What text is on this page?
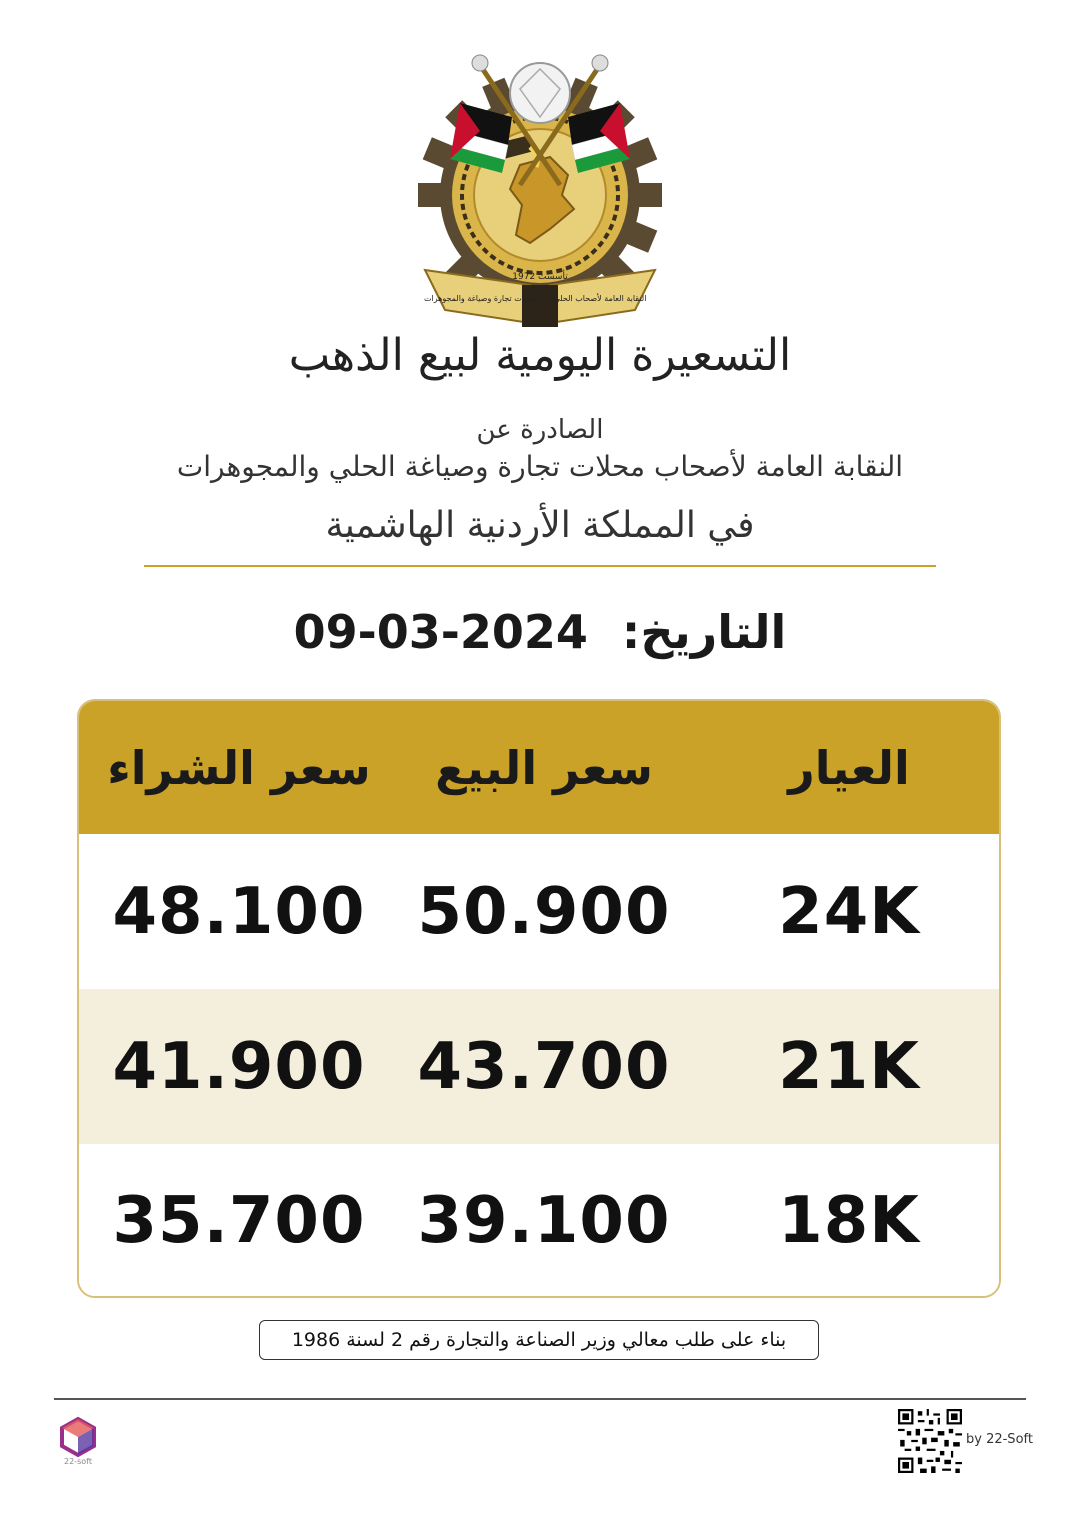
محلات تجارة وصياغة والمجوهرات النقابة العامة لأصحاب الحلي
تأسست 1972
التسعيرة اليومية لبيع الذهب
الصادرة عن
النقابة العامة لأصحاب محلات تجارة وصياغة الحلي والمجوهرات
في المملكة الأردنية الهاشمية
التاريخ: 09-03-2024
العيار
سعر البيع
سعر الشراء
24K
50.900
48.100
21K
43.700
41.900
18K
39.100
35.700
بناء على طلب معالي وزير الصناعة والتجارة رقم 2 لسنة 1986
22-soft
by 22-Soft
